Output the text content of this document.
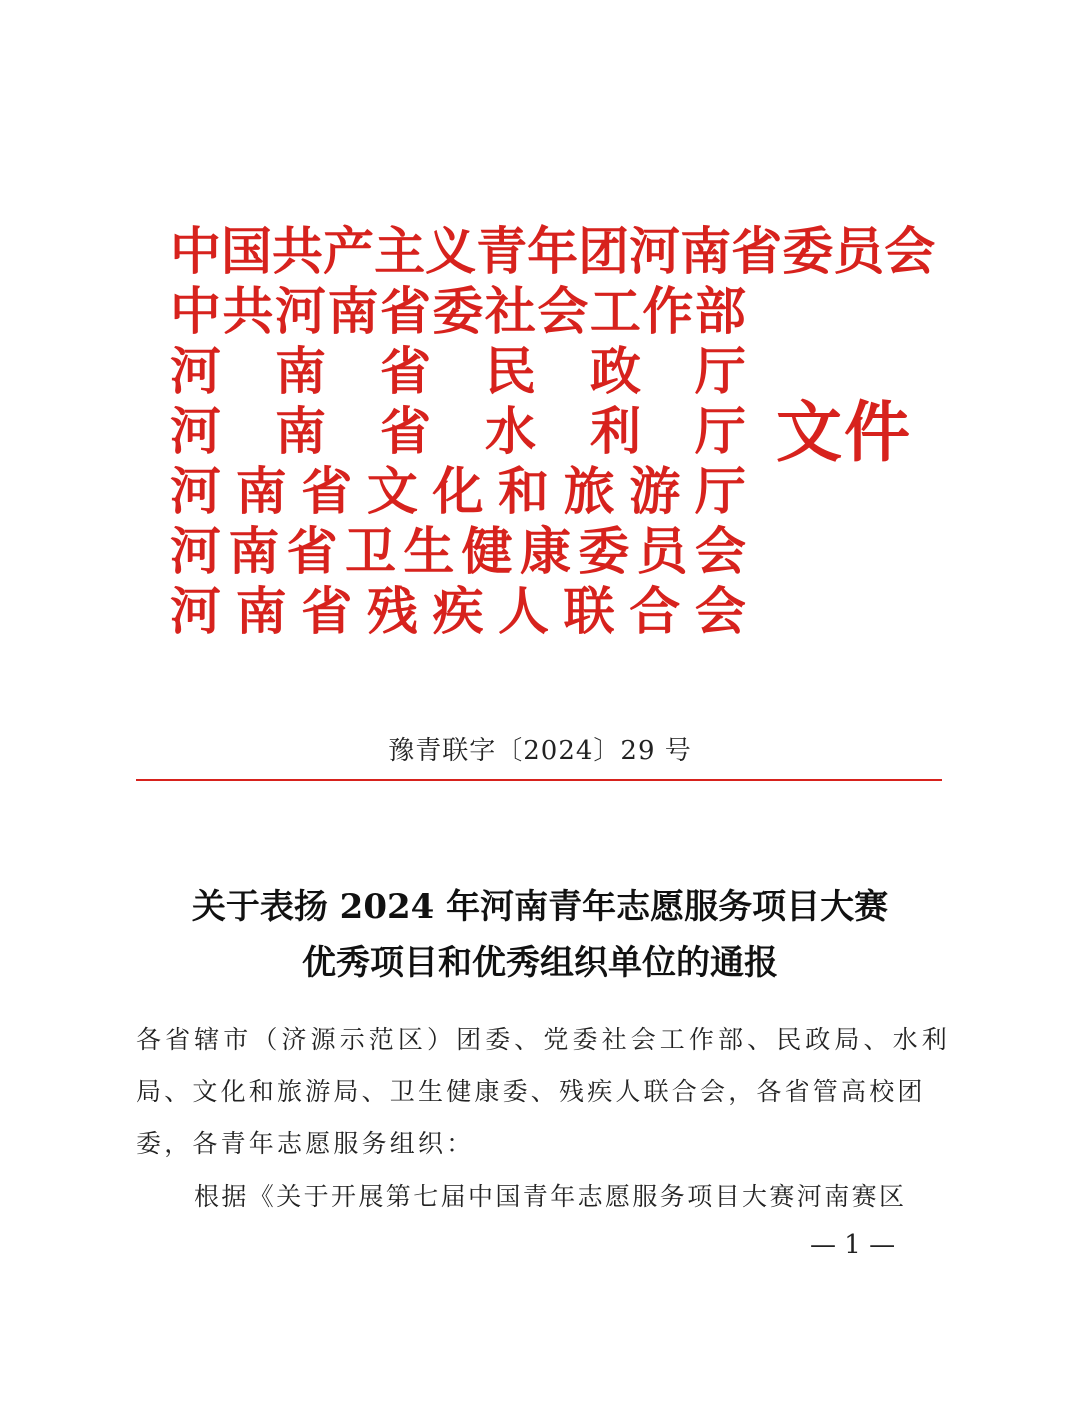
中 国 共 产 主 义 青 年 团 河 南 省 委 员 会
中 共 河 南 省 委 社 会 工 作 部
河 南 省 民 政 厅
河 南 省 水 利 厅
河 南 省 文 化 和 旅 游 厅
河 南 省 卫 生 健 康 委 员 会
河 南 省 残 疾 人 联 合 会
文件
豫青联字〔2024〕29 号
关于表扬 2024 年河南青年志愿服务项目大赛
优秀项目和优秀组织单位的通报
各省辖市（济源示范区）团委、党委社会工作部、民政局、水利
局、文化和旅游局、卫生健康委、残疾人联合会，各省管高校团
委，各青年志愿服务组织：
根据《关于开展第七届中国青年志愿服务项目大赛河南赛区
— 1 —
